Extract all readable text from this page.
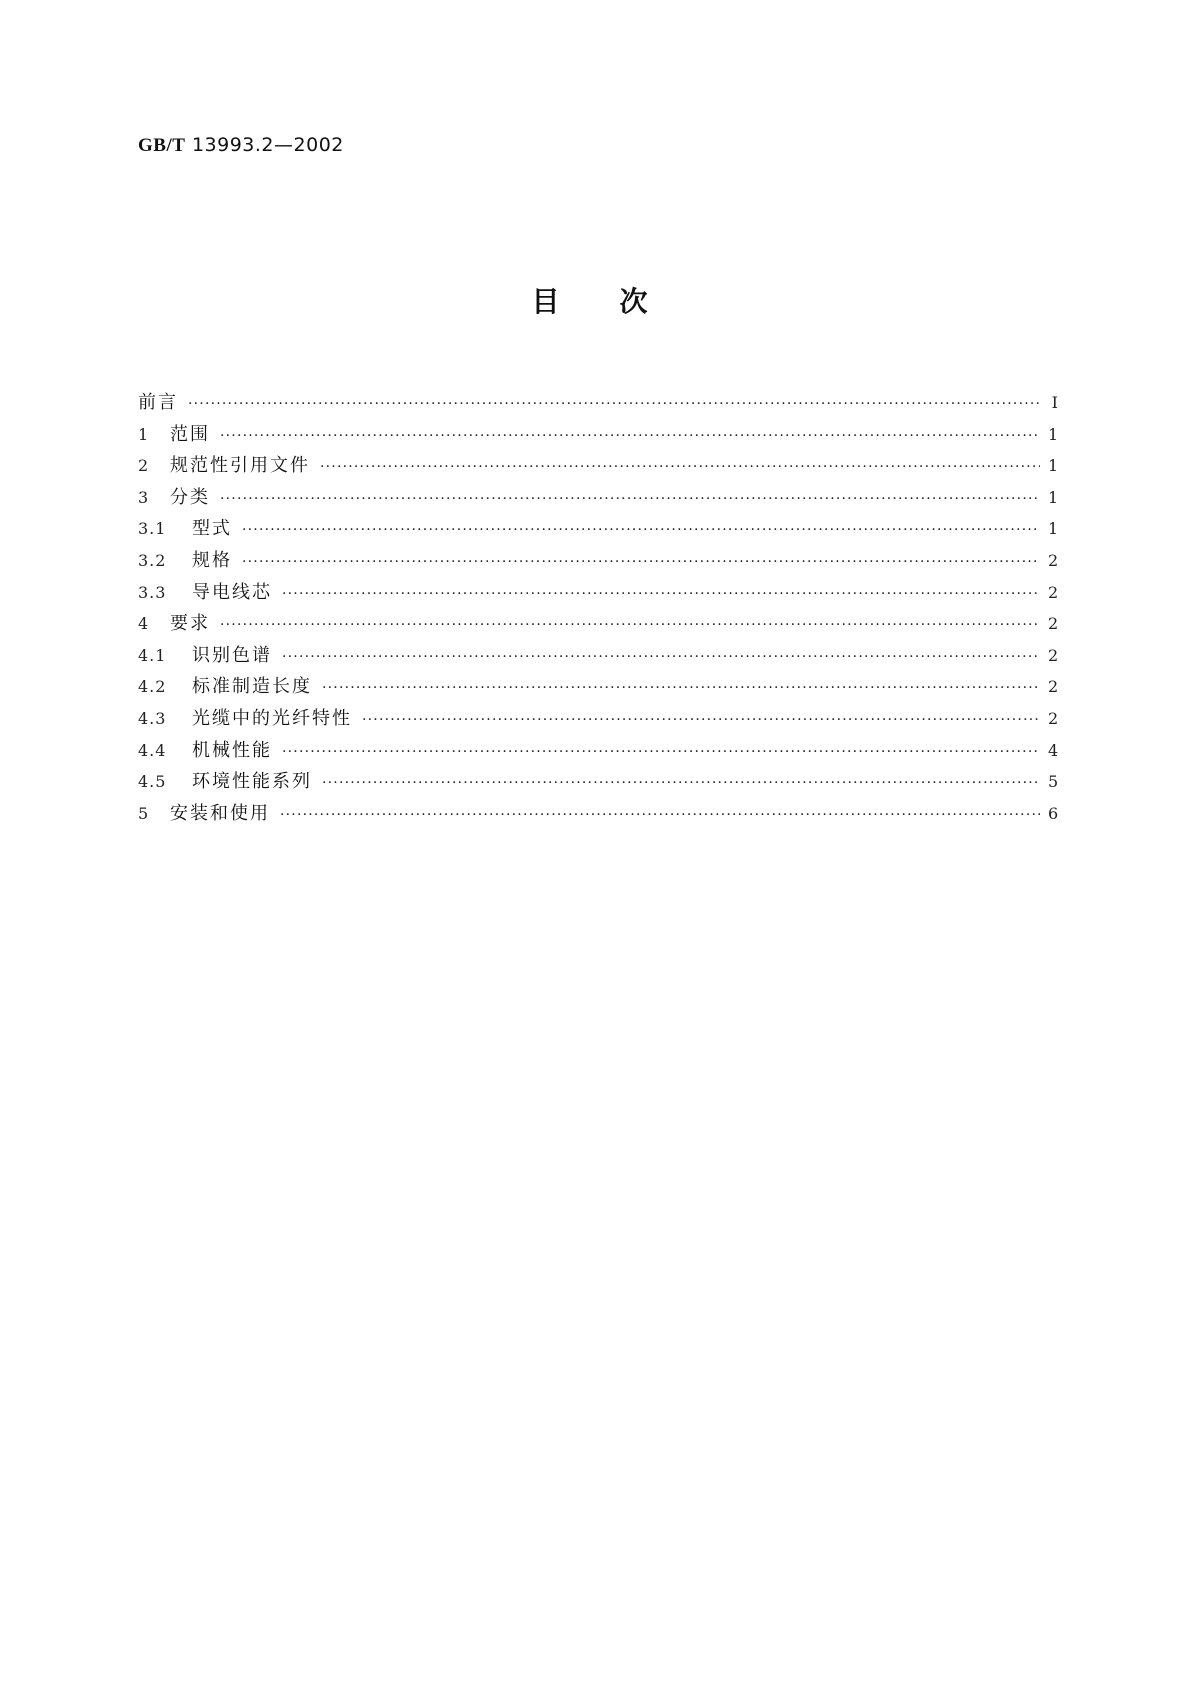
GB/T 13993.2—2002
目次
前言 ·····	I
1	范围 ·····	1
2	规范性引用文件 ·····	1
3	分类 ·····	1
3.1	型式 ·····	1
3.2	规格 ·····	2
3.3	导电线芯 ·····	2
4	要求 ·····	2
4.1	识别色谱 ·····	2
4.2	标准制造长度 ·····	2
4.3	光缆中的光纤特性 ·····	2
4.4	机械性能 ·····	4
4.5	环境性能系列 ·····	5
5	安装和使用 ·····	6
